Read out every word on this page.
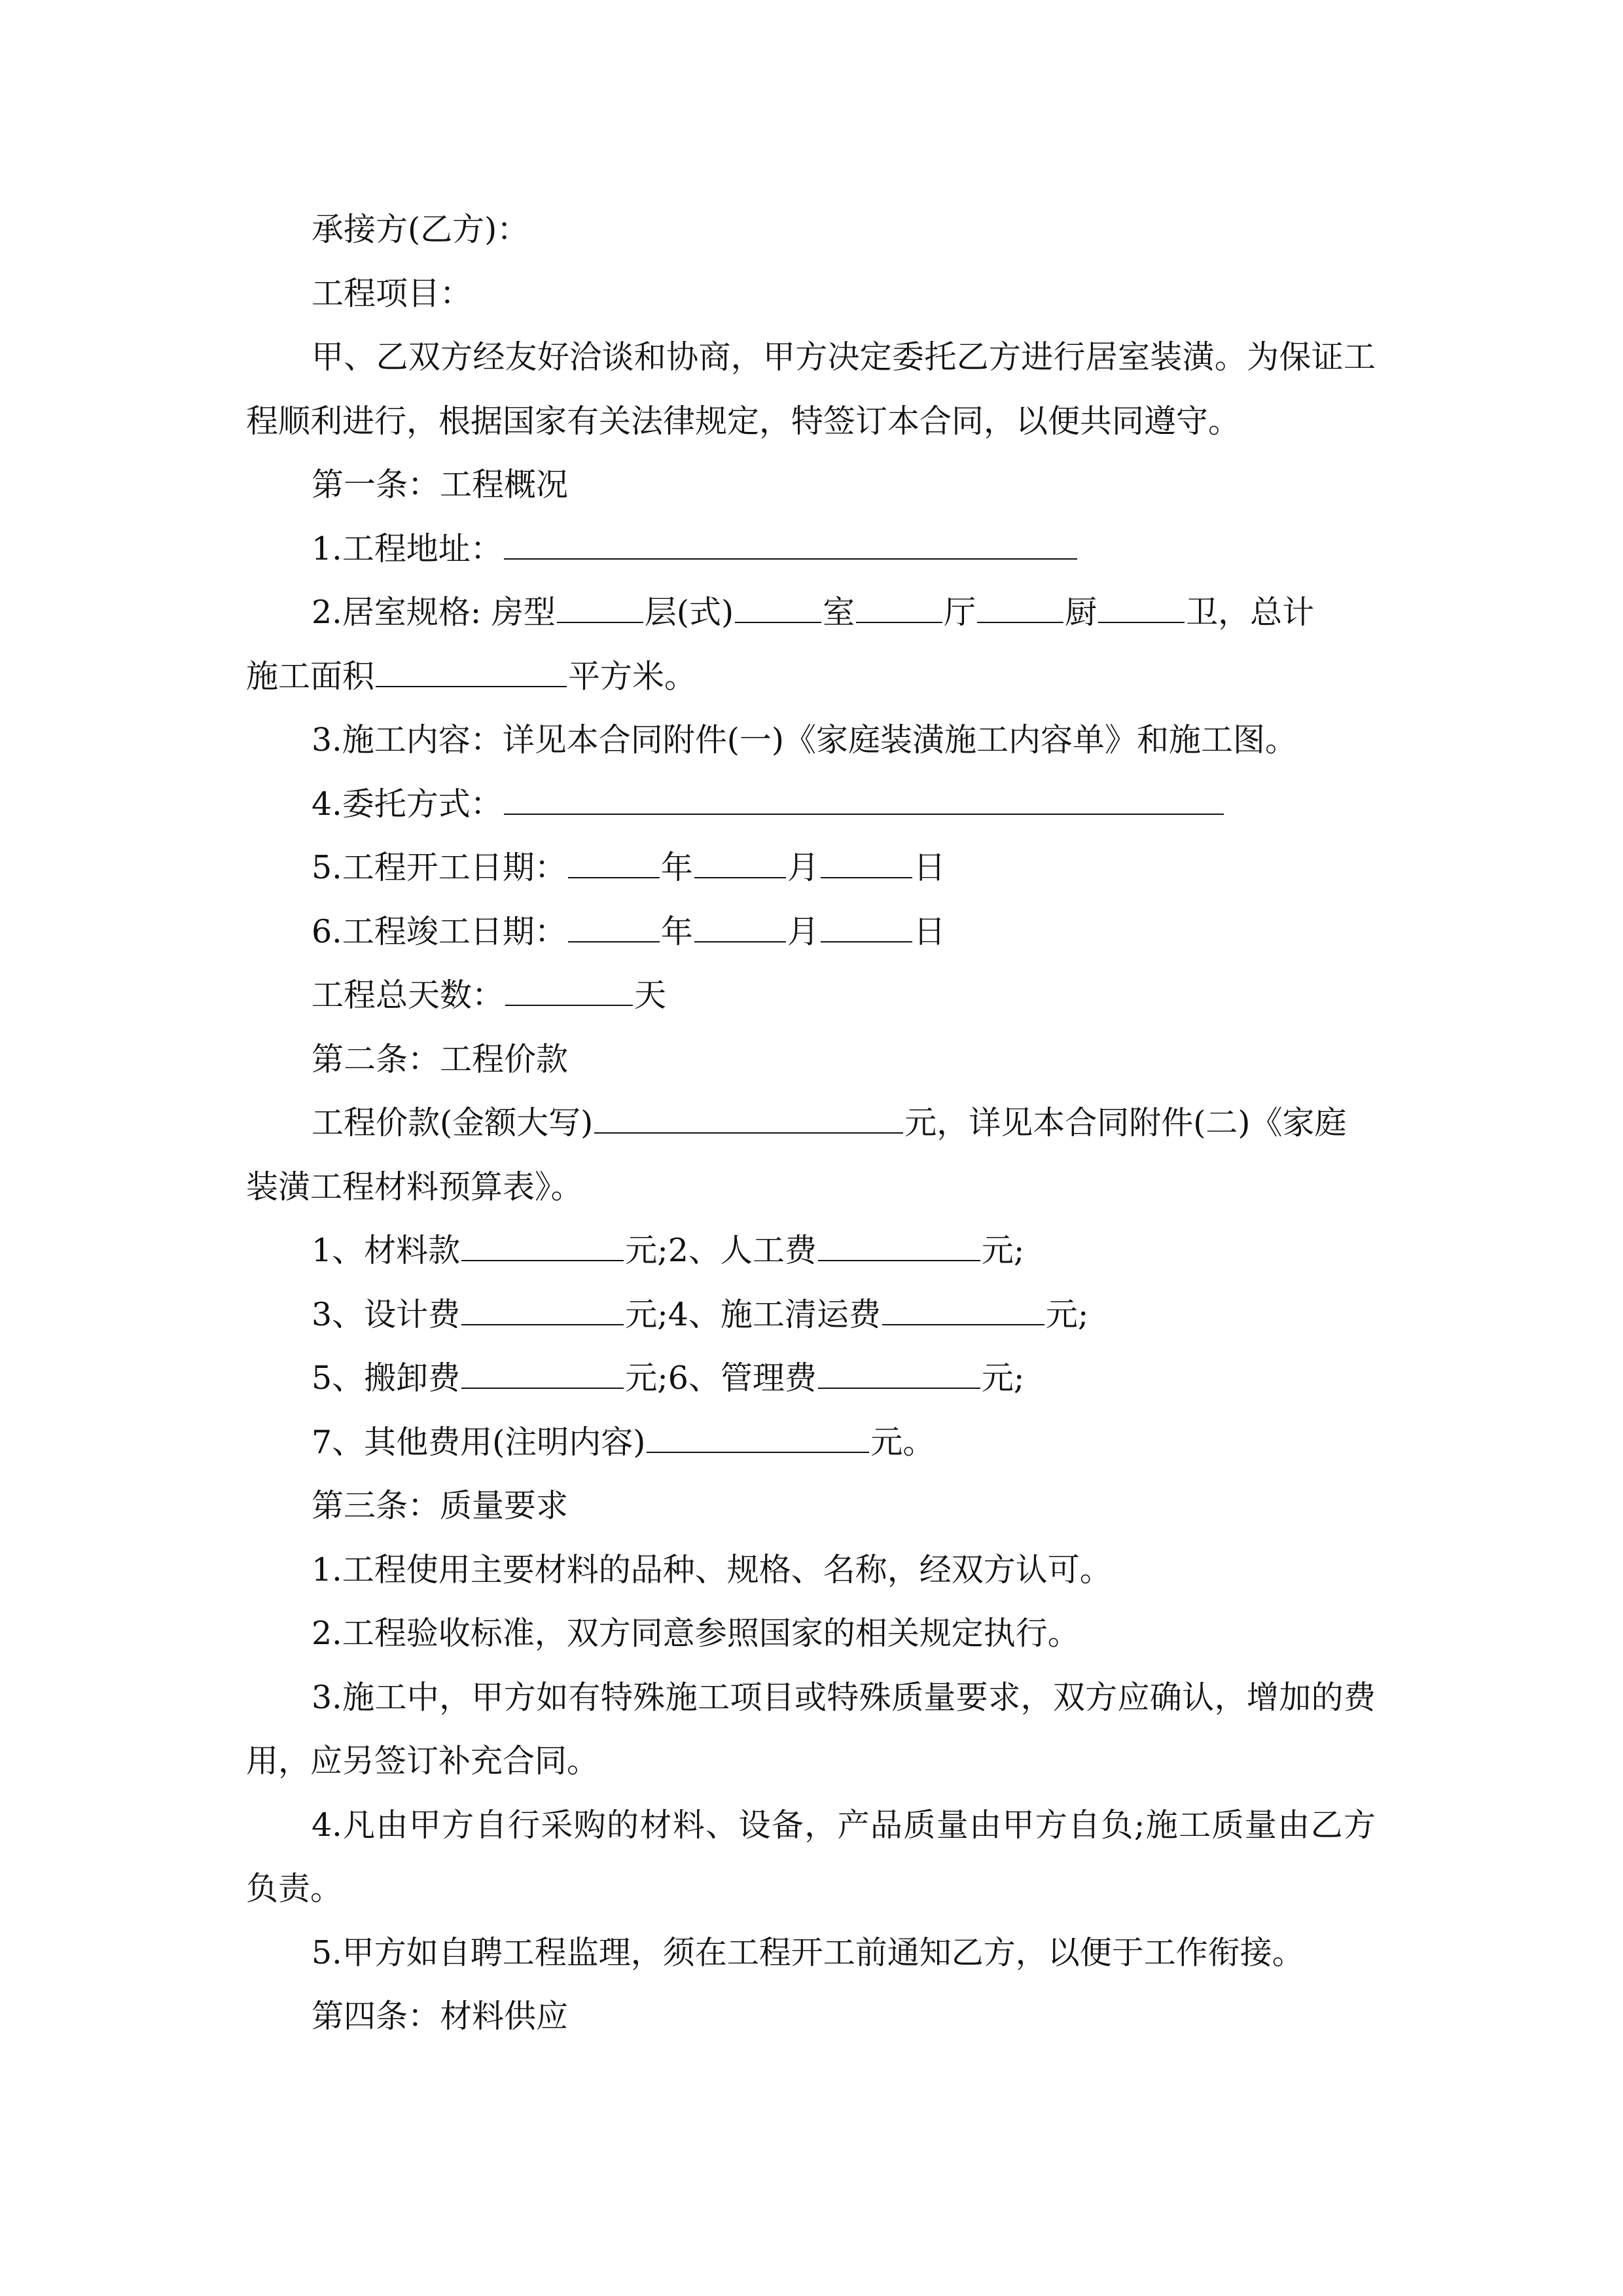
承接方(乙方)：
工程项目：
甲、乙双方经友好洽谈和协商，甲方决定委托乙方进行居室装潢。为保证工
程顺利进行，根据国家有关法律规定，特签订本合同，以便共同遵守。
第一条：工程概况
1.工程地址：
2.居室规格: 房型	层(式)	室	厅	厨	卫，总计
施工面积	平方米。
3.施工内容：详见本合同附件(一)《家庭装潢施工内容单》和施工图。
4.委托方式：
5.工程开工日期：	年	月	日
6.工程竣工日期：	年	月	日
工程总天数：	天
第二条：工程价款
工程价款(金额大写)	元，详见本合同附件(二)《家庭
装潢工程材料预算表》。
1、材料款	元;2、人工费	元;
3、设计费	元;4、施工清运费	元;
5、搬卸费	元;6、管理费	元;
7、其他费用(注明内容)	元。
第三条：质量要求
1.工程使用主要材料的品种、规格、名称，经双方认可。
2.工程验收标准，双方同意参照国家的相关规定执行。
3.施工中，甲方如有特殊施工项目或特殊质量要求，双方应确认，增加的费
用，应另签订补充合同。
4.凡由甲方自行采购的材料、设备，产品质量由甲方自负;施工质量由乙方
负责。
5.甲方如自聘工程监理，须在工程开工前通知乙方，以便于工作衔接。
第四条：材料供应
